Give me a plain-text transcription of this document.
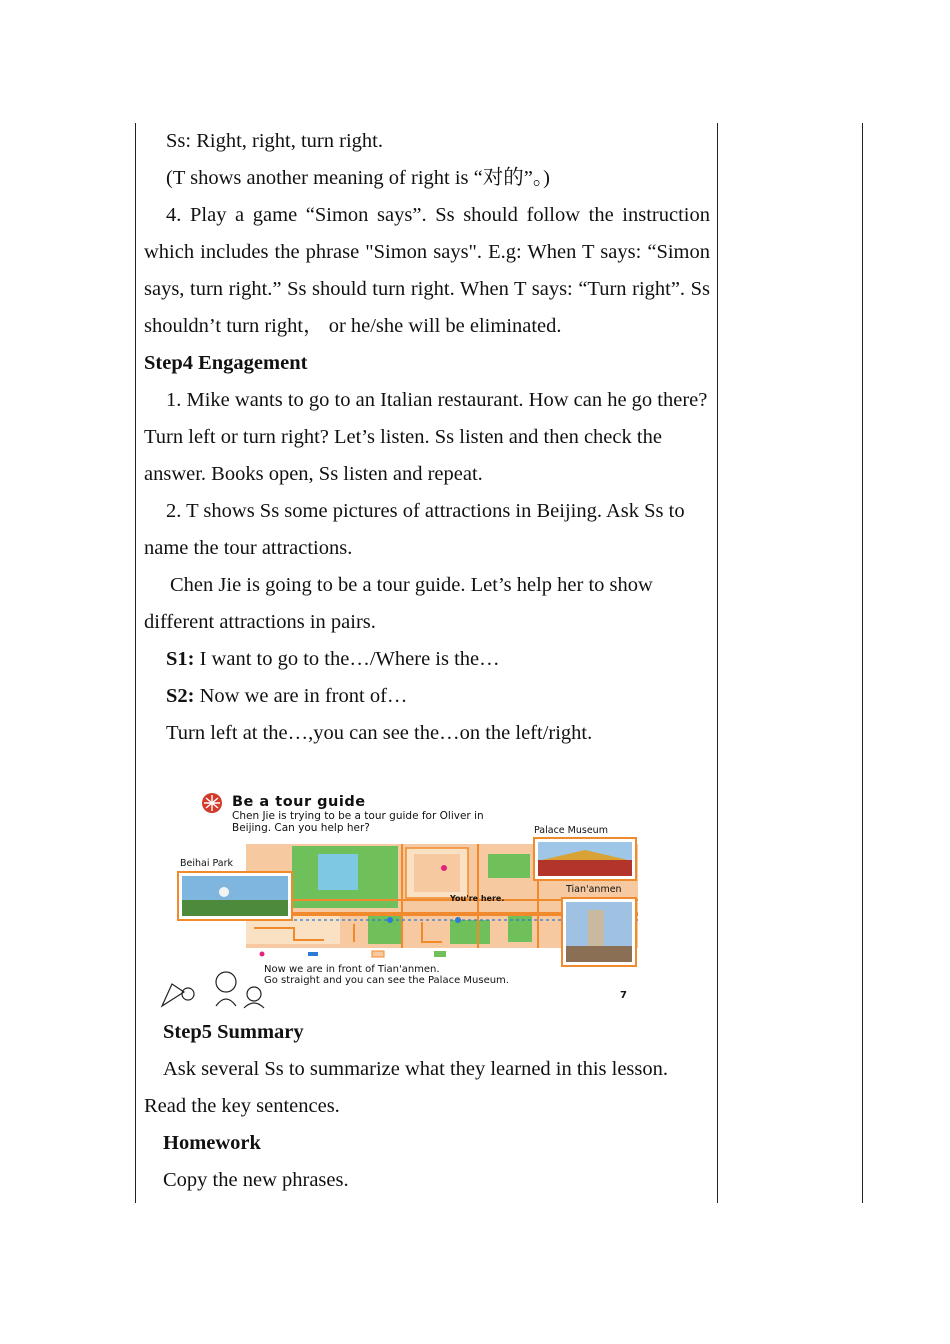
Ss: Right, right, turn right.

(T shows another meaning of right is “对的”。)

4. Play a game “Simon says”. Ss should follow the instruction which includes the phrase "Simon says". E.g: When T says: “Simon says, turn right.” Ss should turn right. When T says: “Turn right”. Ss shouldn’t turn right， or he/she will be eliminated.

Step4 Engagement

1. Mike wants to go to an Italian restaurant. How can he go there? Turn left or turn right? Let’s listen. Ss listen and then check the answer. Books open, Ss listen and repeat.

2. T shows Ss some pictures of attractions in Beijing. Ask Ss to name the tour attractions.

Chen Jie is going to be a tour guide. Let’s help her to show different attractions in pairs.

S1: I want to go to the…/Where is the…

S2: Now we are in front of…

Turn left at the…,you can see the…on the left/right.

Be a tour guide
Chen Jie is trying to be a tour guide for Oliver in
Beijing. Can you help her?	Palace Museum
Beihai Park
Tian'anmen
You're here.
Now we are in front of Tian'anmen.
Go straight and you can see the Palace Museum.
7

Step5 Summary

Ask several Ss to summarize what they learned in this lesson. Read the key sentences.

Homework

Copy the new phrases.
